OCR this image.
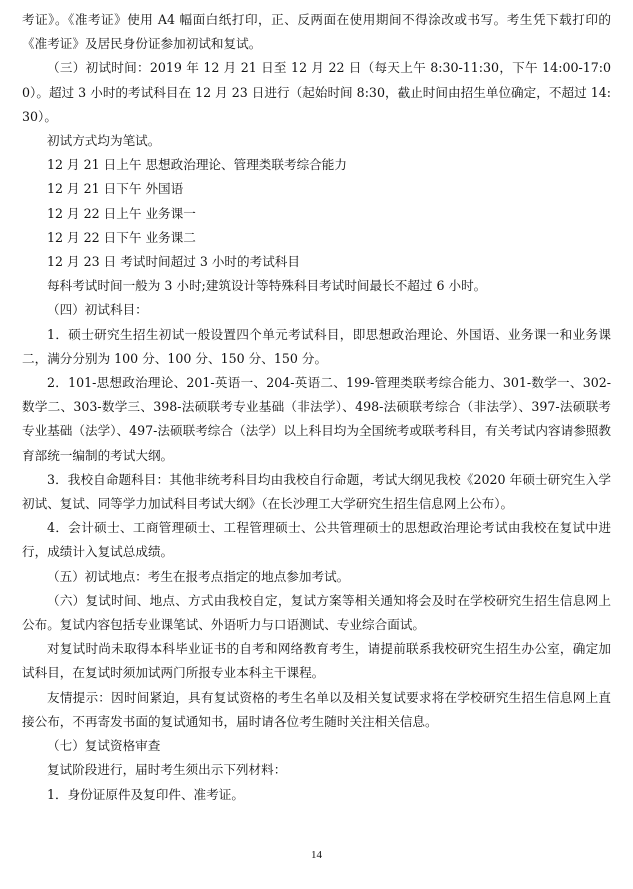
考证》。《准考证》使用 A4 幅面白纸打印，正、反两面在使用期间不得涂改或书写。考生凭下载打印的《准考证》及居民身份证参加初试和复试。

（三）初试时间：2019 年 12 月 21 日至 12 月 22 日（每天上午 8:30-11:30，下午 14:00-17:00）。超过 3 小时的考试科目在 12 月 23 日进行（起始时间 8:30，截止时间由招生单位确定，不超过 14:30）。

初试方式均为笔试。

12 月 21 日上午 思想政治理论、管理类联考综合能力

12 月 21 日下午 外国语

12 月 22 日上午 业务课一

12 月 22 日下午 业务课二

12 月 23 日 考试时间超过 3 小时的考试科目

每科考试时间一般为 3 小时;建筑设计等特殊科目考试时间最长不超过 6 小时。

（四）初试科目：

1．硕士研究生招生初试一般设置四个单元考试科目，即思想政治理论、外国语、业务课一和业务课二，满分分别为 100 分、100 分、150 分、150 分。

2．101-思想政治理论、201-英语一、204-英语二、199-管理类联考综合能力、301-数学一、302-数学二、303-数学三、398-法硕联考专业基础（非法学）、498-法硕联考综合（非法学）、397-法硕联考专业基础（法学）、497-法硕联考综合（法学）以上科目均为全国统考或联考科目，有关考试内容请参照教育部统一编制的考试大纲。

3．我校自命题科目：其他非统考科目均由我校自行命题，考试大纲见我校《2020 年硕士研究生入学初试、复试、同等学力加试科目考试大纲》（在长沙理工大学研究生招生信息网上公布）。

4．会计硕士、工商管理硕士、工程管理硕士、公共管理硕士的思想政治理论考试由我校在复试中进行，成绩计入复试总成绩。

（五）初试地点：考生在报考点指定的地点参加考试。

（六）复试时间、地点、方式由我校自定，复试方案等相关通知将会及时在学校研究生招生信息网上公布。复试内容包括专业课笔试、外语听力与口语测试、专业综合面试。

对复试时尚未取得本科毕业证书的自考和网络教育考生，请提前联系我校研究生招生办公室，确定加试科目，在复试时须加试两门所报专业本科主干课程。

友情提示：因时间紧迫，具有复试资格的考生名单以及相关复试要求将在学校研究生招生信息网上直接公布，不再寄发书面的复试通知书，届时请各位考生随时关注相关信息。

（七）复试资格审查

复试阶段进行，届时考生须出示下列材料：

1．身份证原件及复印件、准考证。

14
